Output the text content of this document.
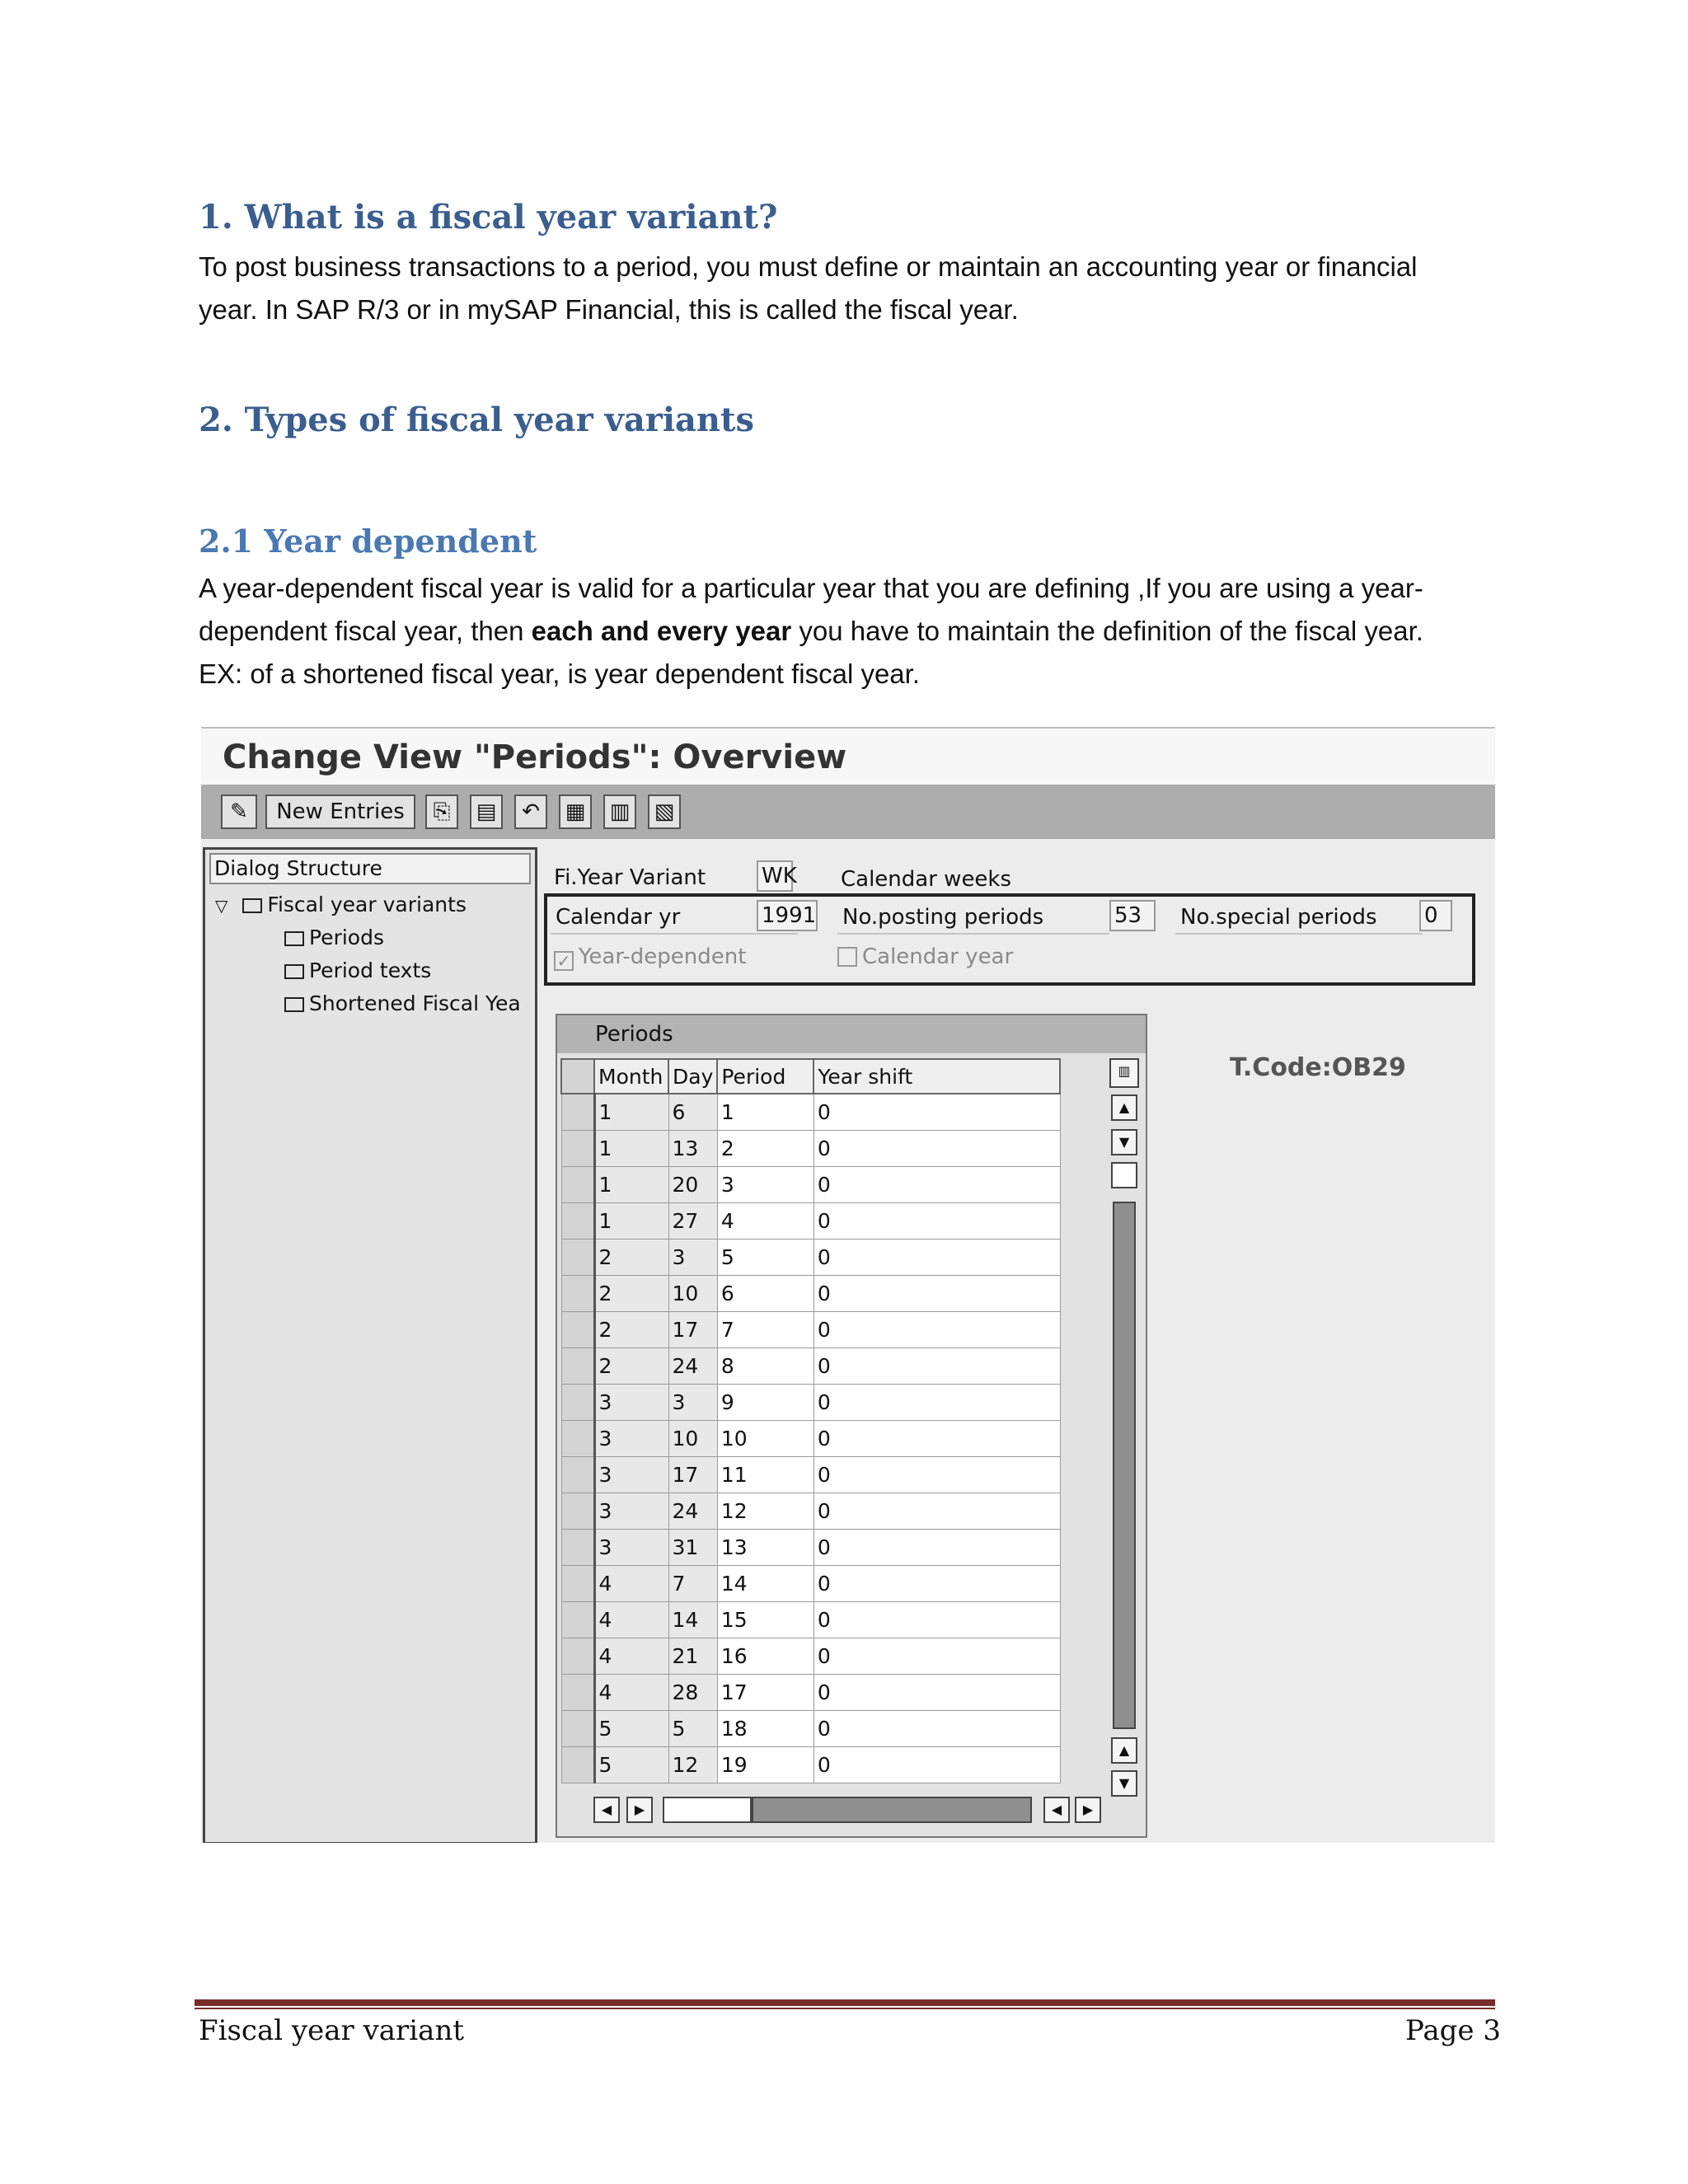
1. What is a fiscal year variant?
To post business transactions to a period, you must define or maintain an accounting year or financial
year. In SAP R/3 or in mySAP Financial, this is called the fiscal year.
2. Types of fiscal year variants
2.1 Year dependent
A year-dependent fiscal year is valid for a particular year that you are defining ,If you are using a year-
dependent fiscal year, then each and every year you have to maintain the definition of the fiscal year.
EX: of a shortened fiscal year, is year dependent fiscal year.
Change View "Periods": Overview
✎	New Entries	⎘	▤	↶	▦ ▥ ▧
Dialog Structure
▽ Fiscal year variants
Periods
Period texts
Shortened Fiscal Yea
Fi.Year Variant	WK Calendar weeks
Calendar yr	1991 No.posting periods	53	No.special periods	0
✓ Year-dependent	Calendar year
T.Code:OB29
Periods
	Month	Day	Period	Year shift
	1	6	1	0
	1	13	2	0
	1	20	3	0
	1	27	4	0
	2	3	5	0
	2	10	6	0
	2	17	7	0
	2	24	8	0
	3	3	9	0
	3	10	10	0
	3	17	11	0
	3	24	12	0
	3	31	13	0
	4	7	14	0
	4	14	15	0
	4	21	16	0
	4	28	17	0
	5	5	18	0
	5	12	19	0
▥
▲
▼
▲
▼
◀	▶	◀	▶
Fiscal year variant	Page 3
